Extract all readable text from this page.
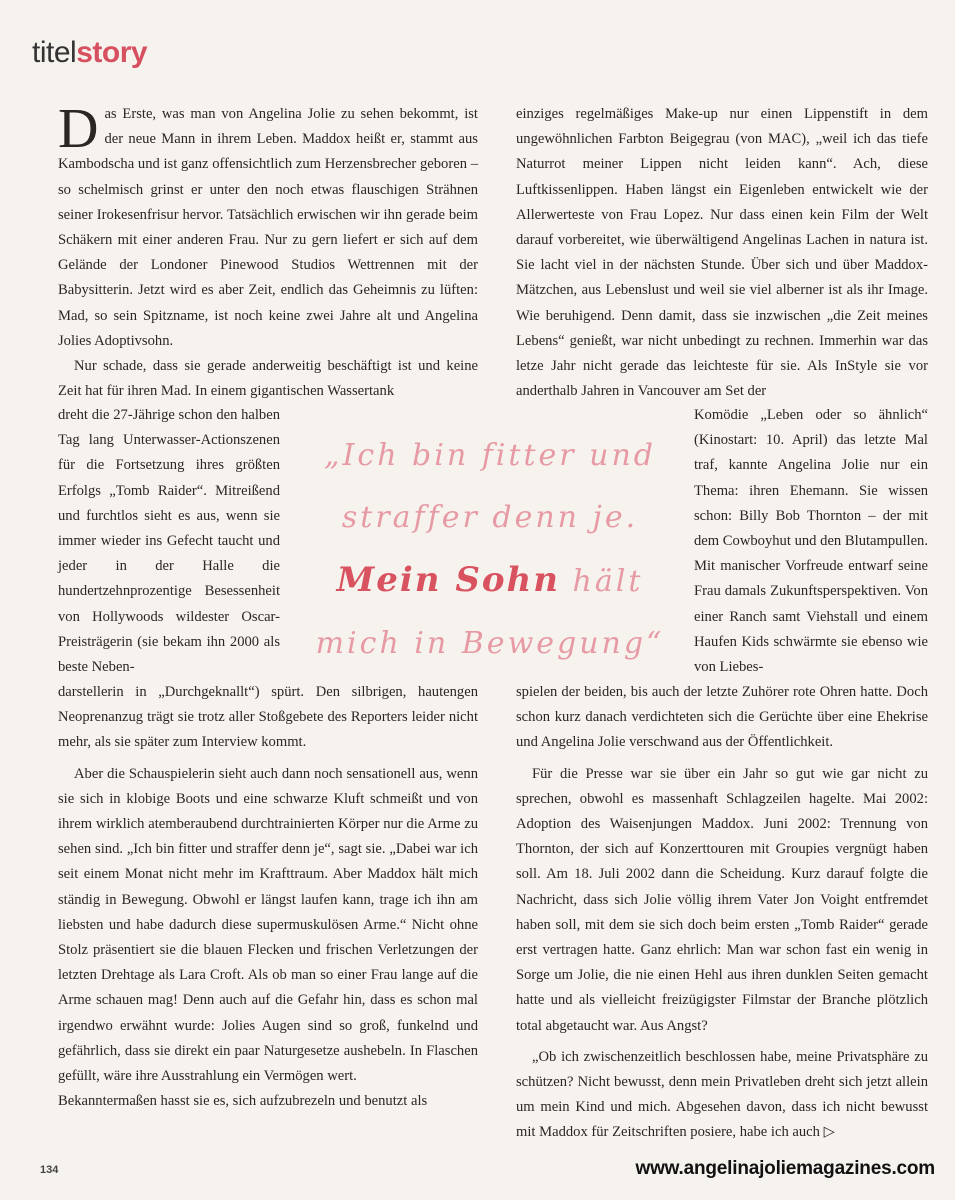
titelstory

Das Erste, was man von Angelina Jolie zu sehen bekommt, ist der neue Mann in ihrem Leben. Maddox heißt er, stammt aus Kambodscha und ist ganz offensichtlich zum Herzensbrecher geboren – so schelmisch grinst er unter den noch etwas flauschigen Strähnen seiner Irokesenfrisur hervor. Tatsächlich erwischen wir ihn gerade beim Schäkern mit einer anderen Frau. Nur zu gern liefert er sich auf dem Gelände der Londoner Pinewood Studios Wettrennen mit der Babysitterin. Jetzt wird es aber Zeit, endlich das Geheimnis zu lüften: Mad, so sein Spitzname, ist noch keine zwei Jahre alt und Angelina Jolies Adoptivsohn.

Nur schade, dass sie gerade anderweitig beschäftigt ist und keine Zeit hat für ihren Mad. In einem gigantischen Wassertank

dreht die 27-Jährige schon den halben Tag lang Unterwasser-Actionszenen für die Fortsetzung ihres größten Erfolgs „Tomb Raider“. Mitreißend und furchtlos sieht es aus, wenn sie immer wieder ins Gefecht taucht und jeder in der Halle die hundertzehnprozentige Besessenheit von Hollywoods wildester Oscar-Preisträgerin (sie bekam ihn 2000 als beste Neben-

darstellerin in „Durchgeknallt“) spürt. Den silbrigen, hautengen Neoprenanzug trägt sie trotz aller Stoßgebete des Reporters leider nicht mehr, als sie später zum Interview kommt.

Aber die Schauspielerin sieht auch dann noch sensationell aus, wenn sie sich in klobige Boots und eine schwarze Kluft schmeißt und von ihrem wirklich atemberaubend durchtrainierten Körper nur die Arme zu sehen sind. „Ich bin fitter und straffer denn je“, sagt sie. „Dabei war ich seit einem Monat nicht mehr im Krafttraum. Aber Maddox hält mich ständig in Bewegung. Obwohl er längst laufen kann, trage ich ihn am liebsten und habe dadurch diese supermuskulösen Arme.“ Nicht ohne Stolz präsentiert sie die blauen Flecken und frischen Verletzungen der letzten Drehtage als Lara Croft. Als ob man so einer Frau lange auf die Arme schauen mag! Denn auch auf die Gefahr hin, dass es schon mal irgendwo erwähnt wurde: Jolies Augen sind so groß, funkelnd und gefährlich, dass sie direkt ein paar Naturgesetze aushebeln. In Flaschen gefüllt, wäre ihre Ausstrahlung ein Vermögen wert.

Bekanntermaßen hasst sie es, sich aufzubrezeln und benutzt als

einziges regelmäßiges Make-up nur einen Lippenstift in dem ungewöhnlichen Farbton Beigegrau (von MAC), „weil ich das tiefe Naturrot meiner Lippen nicht leiden kann“. Ach, diese Luftkissenlippen. Haben längst ein Eigenleben entwickelt wie der Allerwerteste von Frau Lopez. Nur dass einen kein Film der Welt darauf vorbereitet, wie überwältigend Angelinas Lachen in natura ist. Sie lacht viel in der nächsten Stunde. Über sich und über Maddox-Mätzchen, aus Lebenslust und weil sie viel alberner ist als ihr Image. Wie beruhigend. Denn damit, dass sie inzwischen „die Zeit meines Lebens“ genießt, war nicht unbedingt zu rechnen. Immerhin war das letze Jahr nicht gerade das leichteste für sie. Als InStyle sie vor anderthalb Jahren in Vancouver am Set der

Komödie „Leben oder so ähnlich“ (Kinostart: 10. April) das letzte Mal traf, kannte Angelina Jolie nur ein Thema: ihren Ehemann. Sie wissen schon: Billy Bob Thornton – der mit dem Cowboyhut und den Blutampullen. Mit manischer Vorfreude entwarf seine Frau damals Zukunftsperspektiven. Von einer Ranch samt Viehstall und einem Haufen Kids schwärmte sie ebenso wie von Liebes-

spielen der beiden, bis auch der letzte Zuhörer rote Ohren hatte. Doch schon kurz danach verdichteten sich die Gerüchte über eine Ehekrise und Angelina Jolie verschwand aus der Öffentlichkeit.

Für die Presse war sie über ein Jahr so gut wie gar nicht zu sprechen, obwohl es massenhaft Schlagzeilen hagelte. Mai 2002: Adoption des Waisenjungen Maddox. Juni 2002: Trennung von Thornton, der sich auf Konzerttouren mit Groupies vergnügt haben soll. Am 18. Juli 2002 dann die Scheidung. Kurz darauf folgte die Nachricht, dass sich Jolie völlig ihrem Vater Jon Voight entfremdet haben soll, mit dem sie sich doch beim ersten „Tomb Raider“ gerade erst vertragen hatte. Ganz ehrlich: Man war schon fast ein wenig in Sorge um Jolie, die nie einen Hehl aus ihren dunklen Seiten gemacht hatte und als vielleicht freizügigster Filmstar der Branche plötzlich total abgetaucht war. Aus Angst?

„Ob ich zwischenzeitlich beschlossen habe, meine Privatsphäre zu schützen? Nicht bewusst, denn mein Privatleben dreht sich jetzt allein um mein Kind und mich. Abgesehen davon, dass ich nicht bewusst mit Maddox für Zeitschriften posiere, habe ich auch ▷

„Ich bin fitter und
straffer denn je.
Mein Sohn hält
mich in Bewegung“
134	www.angelinajoliemagazines.com
